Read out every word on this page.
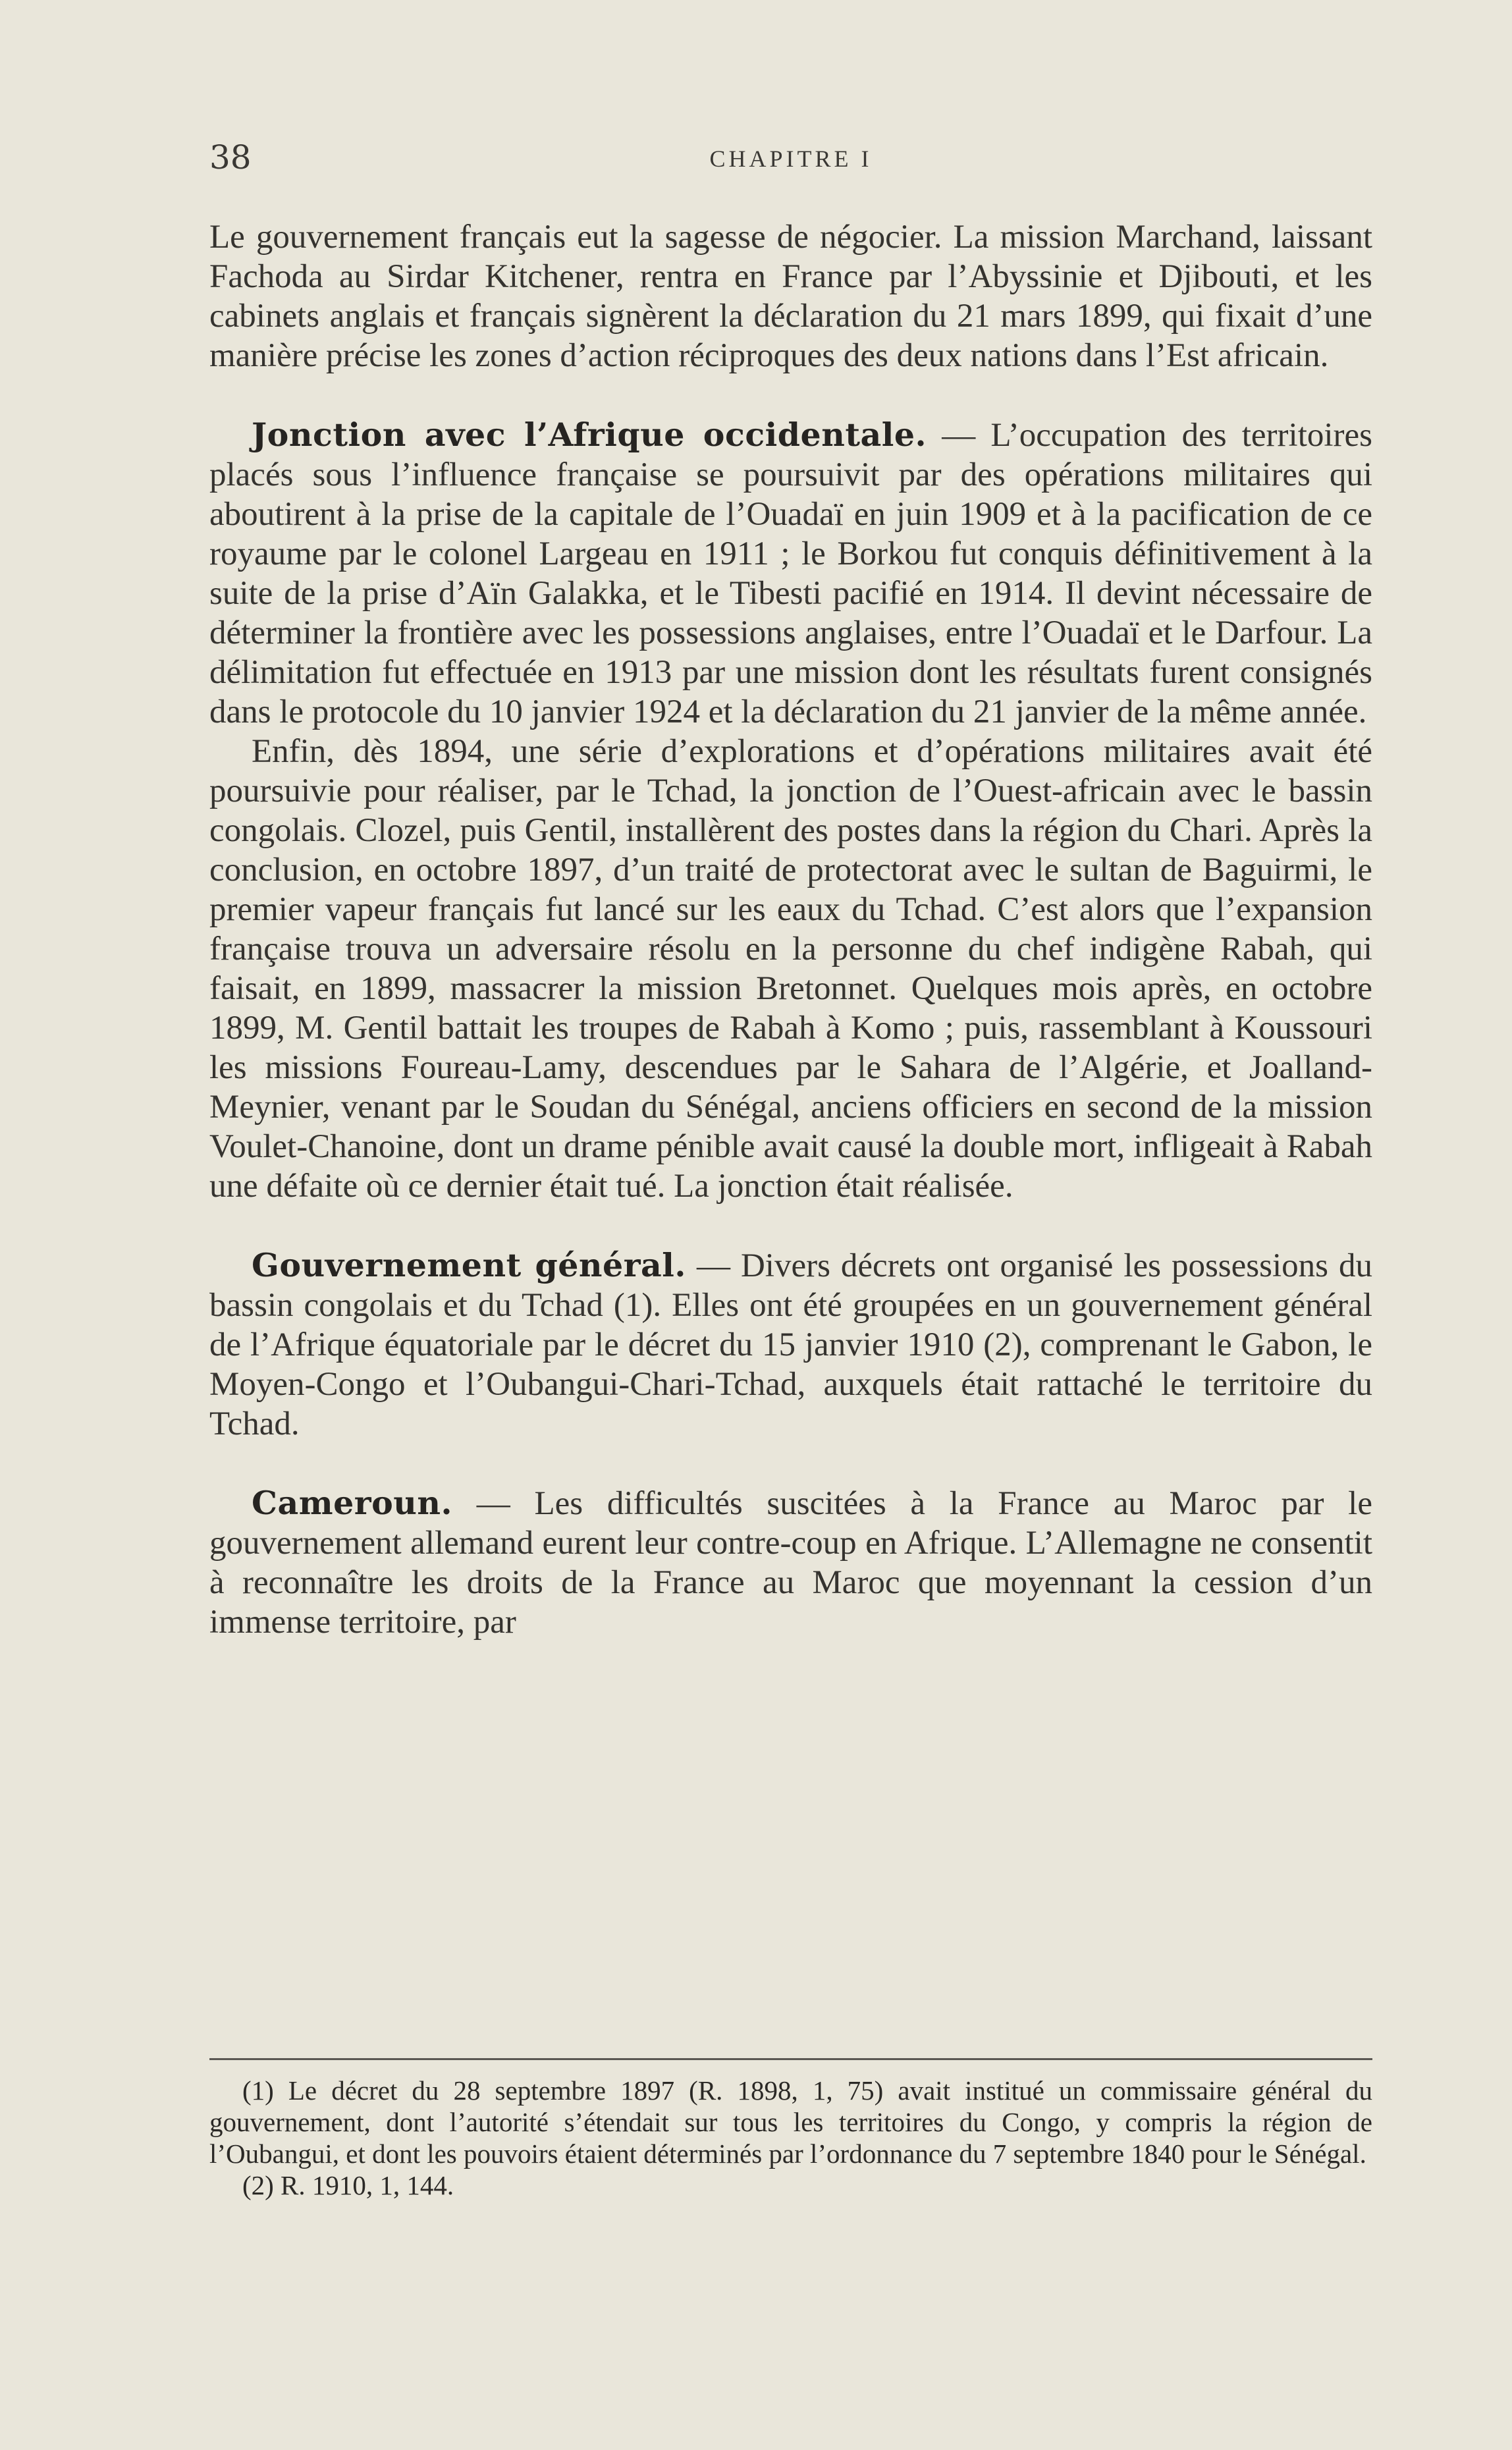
38	CHAPITRE I

Le gouvernement français eut la sagesse de négocier. La mission Marchand, laissant Fachoda au Sirdar Kitchener, rentra en France par l’Abyssinie et Djibouti, et les cabinets anglais et français signèrent la déclaration du 21 mars 1899, qui fixait d’une manière précise les zones d’action réciproques des deux nations dans l’Est africain.

Jonction avec l’Afrique occidentale. — L’occupation des territoires placés sous l’influence française se poursuivit par des opérations militaires qui aboutirent à la prise de la capitale de l’Ouadaï en juin 1909 et à la pacification de ce royaume par le colonel Largeau en 1911 ; le Borkou fut conquis définitivement à la suite de la prise d’Aïn Galakka, et le Tibesti pacifié en 1914. Il devint nécessaire de déterminer la frontière avec les possessions anglaises, entre l’Ouadaï et le Darfour. La délimitation fut effectuée en 1913 par une mission dont les résultats furent consignés dans le protocole du 10 janvier 1924 et la déclaration du 21 janvier de la même année.

Enfin, dès 1894, une série d’explorations et d’opérations militaires avait été poursuivie pour réaliser, par le Tchad, la jonction de l’Ouest-africain avec le bassin congolais. Clozel, puis Gentil, installèrent des postes dans la région du Chari. Après la conclusion, en octobre 1897, d’un traité de protectorat avec le sultan de Baguirmi, le premier vapeur français fut lancé sur les eaux du Tchad. C’est alors que l’expansion française trouva un adversaire résolu en la personne du chef indigène Rabah, qui faisait, en 1899, massacrer la mission Bretonnet. Quelques mois après, en octobre 1899, M. Gentil battait les troupes de Rabah à Komo ; puis, rassemblant à Koussouri les missions Foureau-Lamy, descendues par le Sahara de l’Algérie, et Joalland-Meynier, venant par le Soudan du Sénégal, anciens officiers en second de la mission Voulet-Chanoine, dont un drame pénible avait causé la double mort, infligeait à Rabah une défaite où ce dernier était tué. La jonction était réalisée.

Gouvernement général. — Divers décrets ont organisé les possessions du bassin congolais et du Tchad (1). Elles ont été groupées en un gouvernement général de l’Afrique équatoriale par le décret du 15 janvier 1910 (2), comprenant le Gabon, le Moyen-Congo et l’Oubangui-Chari-Tchad, auxquels était rattaché le territoire du Tchad.

Cameroun. — Les difficultés suscitées à la France au Maroc par le gouvernement allemand eurent leur contre-coup en Afrique. L’Allemagne ne consentit à reconnaître les droits de la France au Maroc que moyennant la cession d’un immense territoire, par

(1) Le décret du 28 septembre 1897 (R. 1898, 1, 75) avait institué un commissaire général du gouvernement, dont l’autorité s’étendait sur tous les territoires du Congo, y compris la région de l’Oubangui, et dont les pouvoirs étaient déterminés par l’ordonnance du 7 septembre 1840 pour le Sénégal.

(2) R. 1910, 1, 144.
